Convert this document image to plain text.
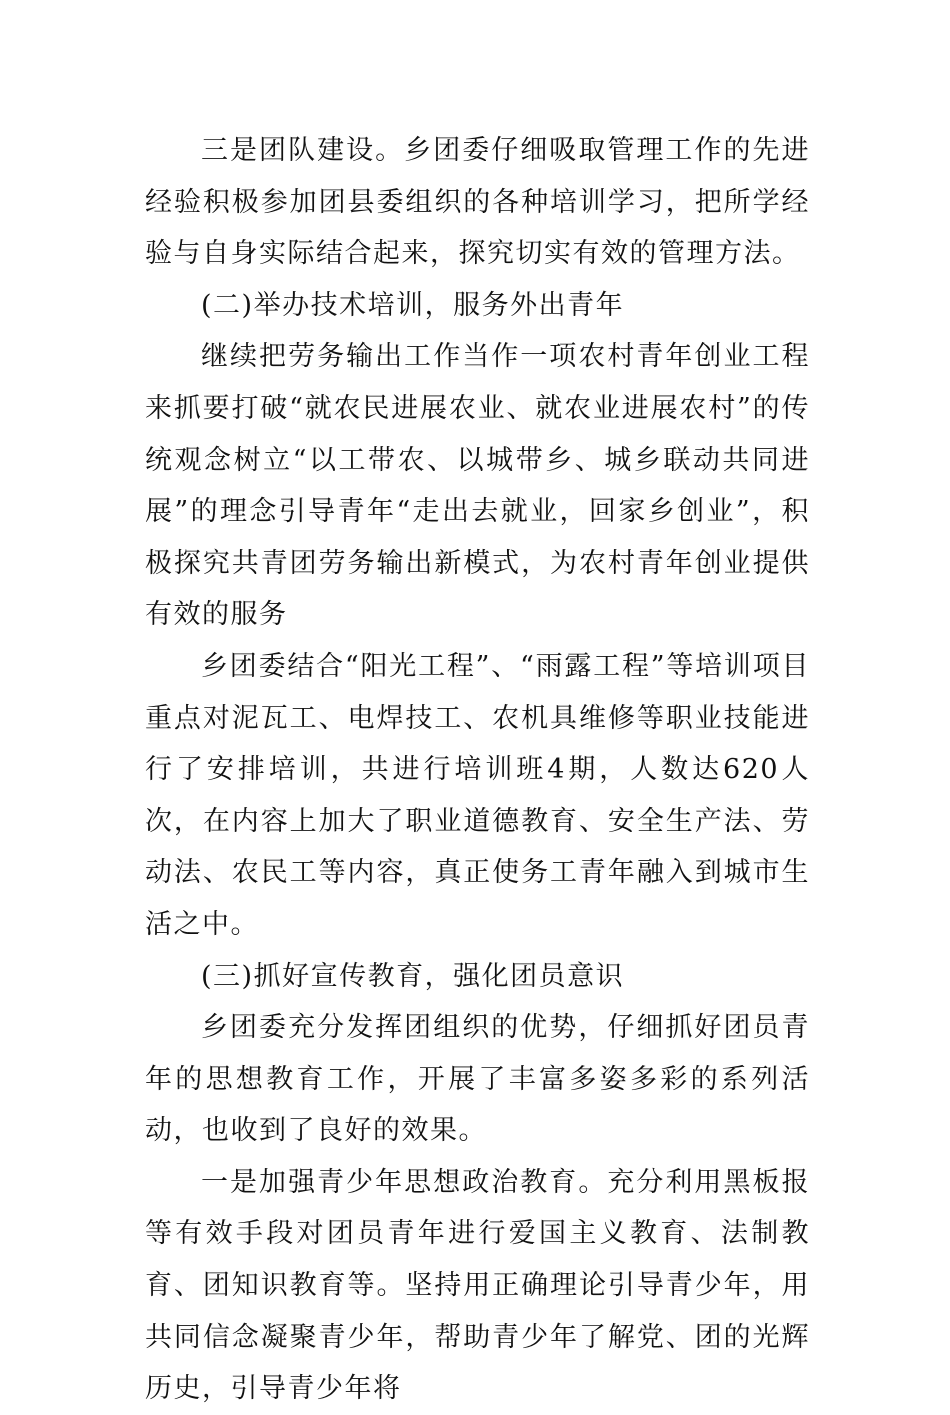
三是团队建设。乡团委仔细吸取管理工作的先进经验积极参加团县委组织的各种培训学习，把所学经验与自身实际结合起来，探究切实有效的管理方法。

(二)举办技术培训，服务外出青年

继续把劳务输出工作当作一项农村青年创业工程来抓要打破“就农民进展农业、就农业进展农村”的传统观念树立“以工带农、以城带乡、城乡联动共同进展”的理念引导青年“走出去就业，回家乡创业”，积极探究共青团劳务输出新模式，为农村青年创业提供有效的服务

乡团委结合“阳光工程”、“雨露工程”等培训项目重点对泥瓦工、电焊技工、农机具维修等职业技能进行了安排培训，共进行培训班4期，人数达620人次，在内容上加大了职业道德教育、安全生产法、劳动法、农民工等内容，真正使务工青年融入到城市生活之中。

(三)抓好宣传教育，强化团员意识

乡团委充分发挥团组织的优势，仔细抓好团员青年的思想教育工作，开展了丰富多姿多彩的系列活动，也收到了良好的效果。

一是加强青少年思想政治教育。充分利用黑板报等有效手段对团员青年进行爱国主义教育、法制教育、团知识教育等。坚持用正确理论引导青少年，用共同信念凝聚青少年，帮助青少年了解党、团的光辉历史，引导青少年将
